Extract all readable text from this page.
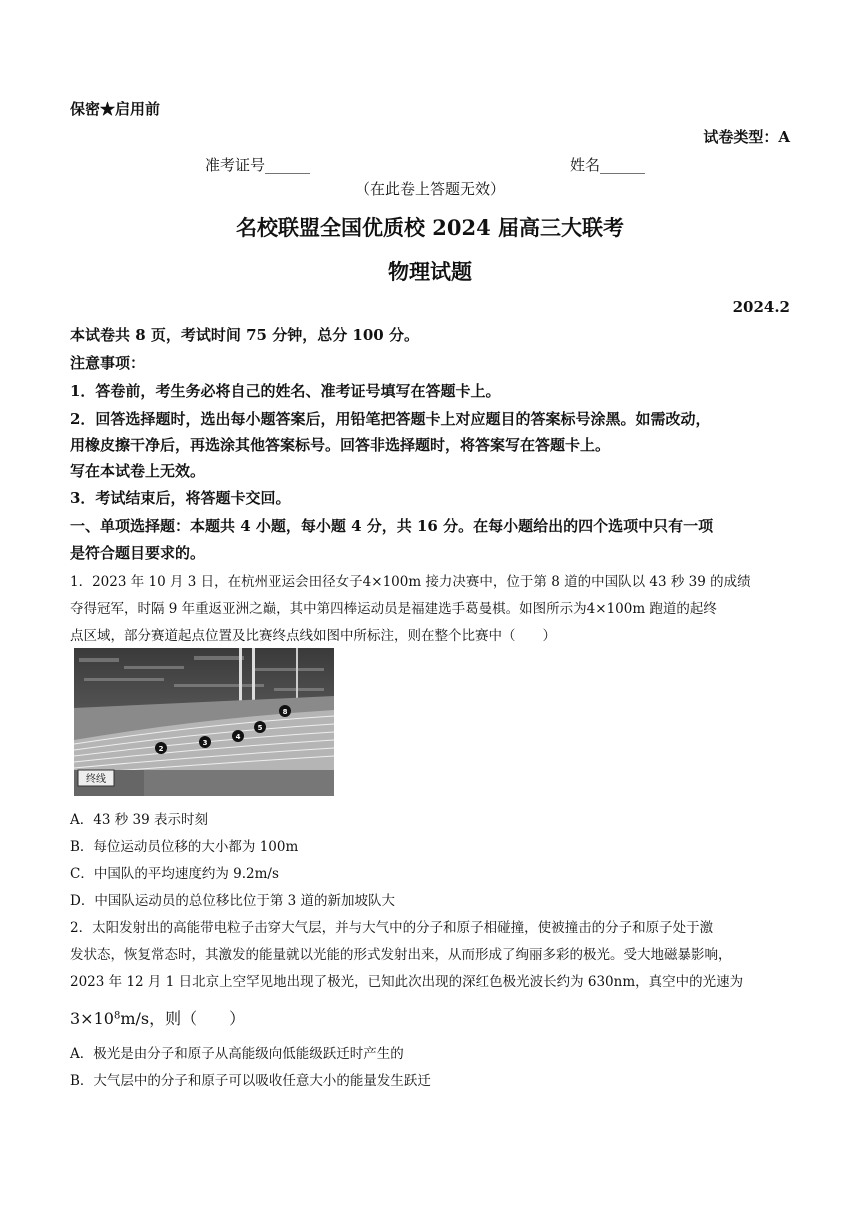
保密★启用前
试卷类型：A
准考证号______	姓名______
（在此卷上答题无效）
名校联盟全国优质校 2024 届高三大联考
物理试题
2024.2
本试卷共 8 页，考试时间 75 分钟，总分 100 分。
注意事项：
1．答卷前，考生务必将自己的姓名、准考证号填写在答题卡上。
2．回答选择题时，选出每小题答案后，用铅笔把答题卡上对应题目的答案标号涂黑。如需改动，
用橡皮擦干净后，再选涂其他答案标号。回答非选择题时，将答案写在答题卡上。
写在本试卷上无效。
3．考试结束后，将答题卡交回。
一、单项选择题：本题共 4 小题，每小题 4 分，共 16 分。在每小题给出的四个选项中只有一项
是符合题目要求的。
1．2023 年 10 月 3 日，在杭州亚运会田径女子4×100m 接力决赛中，位于第 8 道的中国队以 43 秒 39 的成绩
夺得冠军，时隔 9 年重返亚洲之巅，其中第四棒运动员是福建选手葛曼棋。如图所示为4×100m 跑道的起终
点区域，部分赛道起点位置及比赛终点线如图中所标注，则在整个比赛中（　　）
终线
2
3
4
5
8
A．43 秒 39 表示时刻
B．每位运动员位移的大小都为 100m
C．中国队的平均速度约为 9.2m/s
D．中国队运动员的总位移比位于第 3 道的新加坡队大
2．太阳发射出的高能带电粒子击穿大气层，并与大气中的分子和原子相碰撞，使被撞击的分子和原子处于激
发状态，恢复常态时，其激发的能量就以光能的形式发射出来，从而形成了绚丽多彩的极光。受大地磁暴影响，
2023 年 12 月 1 日北京上空罕见地出现了极光，已知此次出现的深红色极光波长约为 630nm，真空中的光速为
$3\times 10^8m/s$，则（　　）
A．极光是由分子和原子从高能级向低能级跃迁时产生的
B．大气层中的分子和原子可以吸收任意大小的能量发生跃迁
